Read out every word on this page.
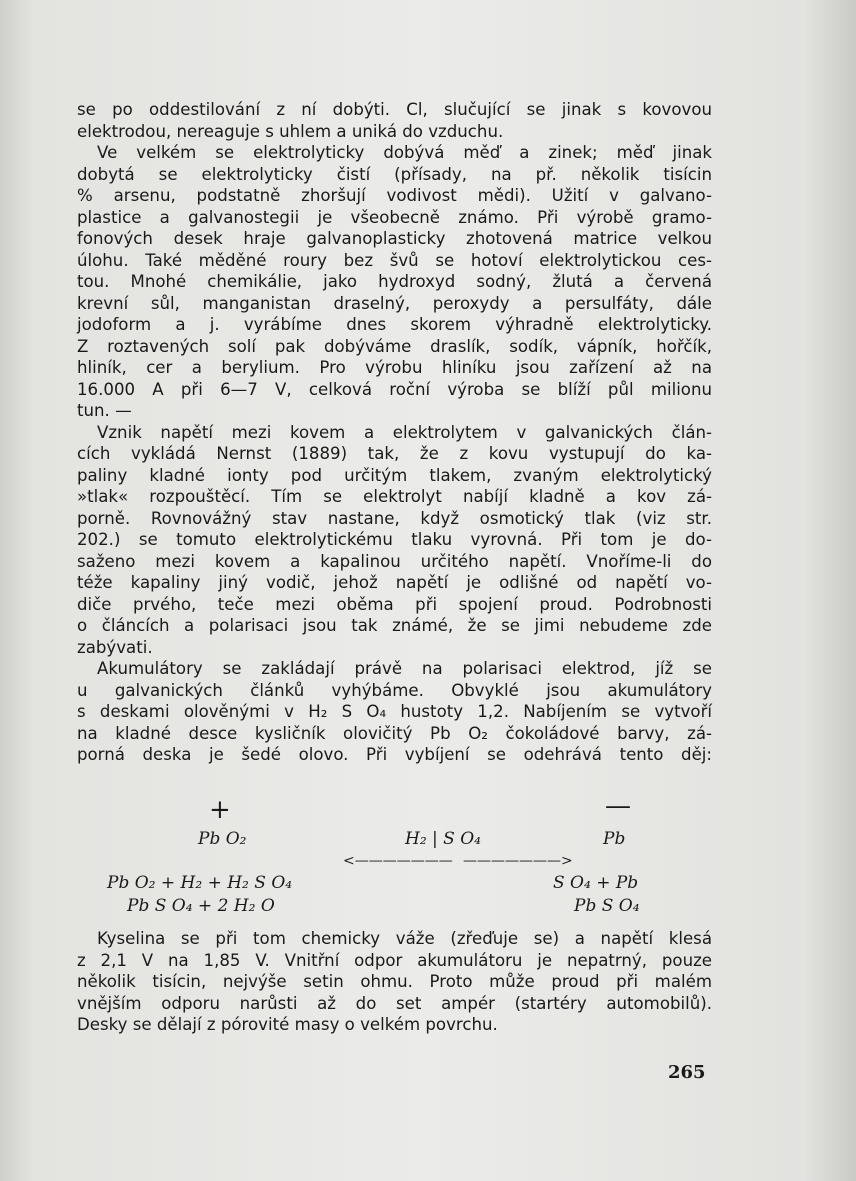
se po oddestilování z ní dobýti. Cl, slučující se jinak s kovovou
elektrodou, nereaguje s uhlem a uniká do vzduchu.
Ve velkém se elektrolyticky dobývá měď a zinek; měď jinak
dobytá se elektrolyticky čistí (přísady, na př. několik tisícin
% arsenu, podstatně zhoršují vodivost mědi). Užití v galvano-
plastice a galvanostegii je všeobecně známo. Při výrobě gramo-
fonových desek hraje galvanoplasticky zhotovená matrice velkou
úlohu. Také měděné roury bez švů se hotoví elektrolytickou ces-
tou. Mnohé chemikálie, jako hydroxyd sodný, žlutá a červená
krevní sůl, manganistan draselný, peroxydy a persulfáty, dále
jodoform a j. vyrábíme dnes skorem výhradně elektrolyticky.
Z roztavených solí pak dobýváme draslík, sodík, vápník, hořčík,
hliník, cer a berylium. Pro výrobu hliníku jsou zařízení až na
16.000 A při 6—7 V, celková roční výroba se blíží půl milionu
tun. —
Vznik napětí mezi kovem a elektrolytem v galvanických člán-
cích vykládá Nernst (1889) tak, že z kovu vystupují do ka-
paliny kladné ionty pod určitým tlakem, zvaným elektrolytický
»tlak« rozpouštěcí. Tím se elektrolyt nabíjí kladně a kov zá-
porně. Rovnovážný stav nastane, když osmotický tlak (viz str.
202.) se tomuto elektrolytickému tlaku vyrovná. Při tom je do-
saženo mezi kovem a kapalinou určitého napětí. Vnoříme-li do
téže kapaliny jiný vodič, jehož napětí je odlišné od napětí vo-
diče prvého, teče mezi oběma při spojení proud. Podrobnosti
o článcích a polarisaci jsou tak známé, že se jimi nebudeme zde
zabývati.
Akumulátory se zakládají právě na polarisaci elektrod, jíž se
u galvanických článků vyhýbáme. Obvyklé jsou akumulátory
s deskami olověnými v H₂ S O₄ hustoty 1,2. Nabíjením se vytvoří
na kladné desce kysličník olovičitý Pb O₂ čokoládové barvy, zá-
porná deska je šedé olovo. Při vybíjení se odehrává tento děj:
+	—
Pb O₂	H₂ | S O₄	Pb
<——————— ———————>
Pb O₂ + H₂ + H₂ S O₄
Pb S O₄ + 2 H₂ O
S O₄ + Pb
Pb S O₄
Kyselina se při tom chemicky váže (zřeďuje se) a napětí klesá
z 2,1 V na 1,85 V. Vnitřní odpor akumulátoru je nepatrný, pouze
několik tisícin, nejvýše setin ohmu. Proto může proud při malém
vnějším odporu narůsti až do set ampér (startéry automobilů).
Desky se dělají z pórovité masy o velkém povrchu.
265
